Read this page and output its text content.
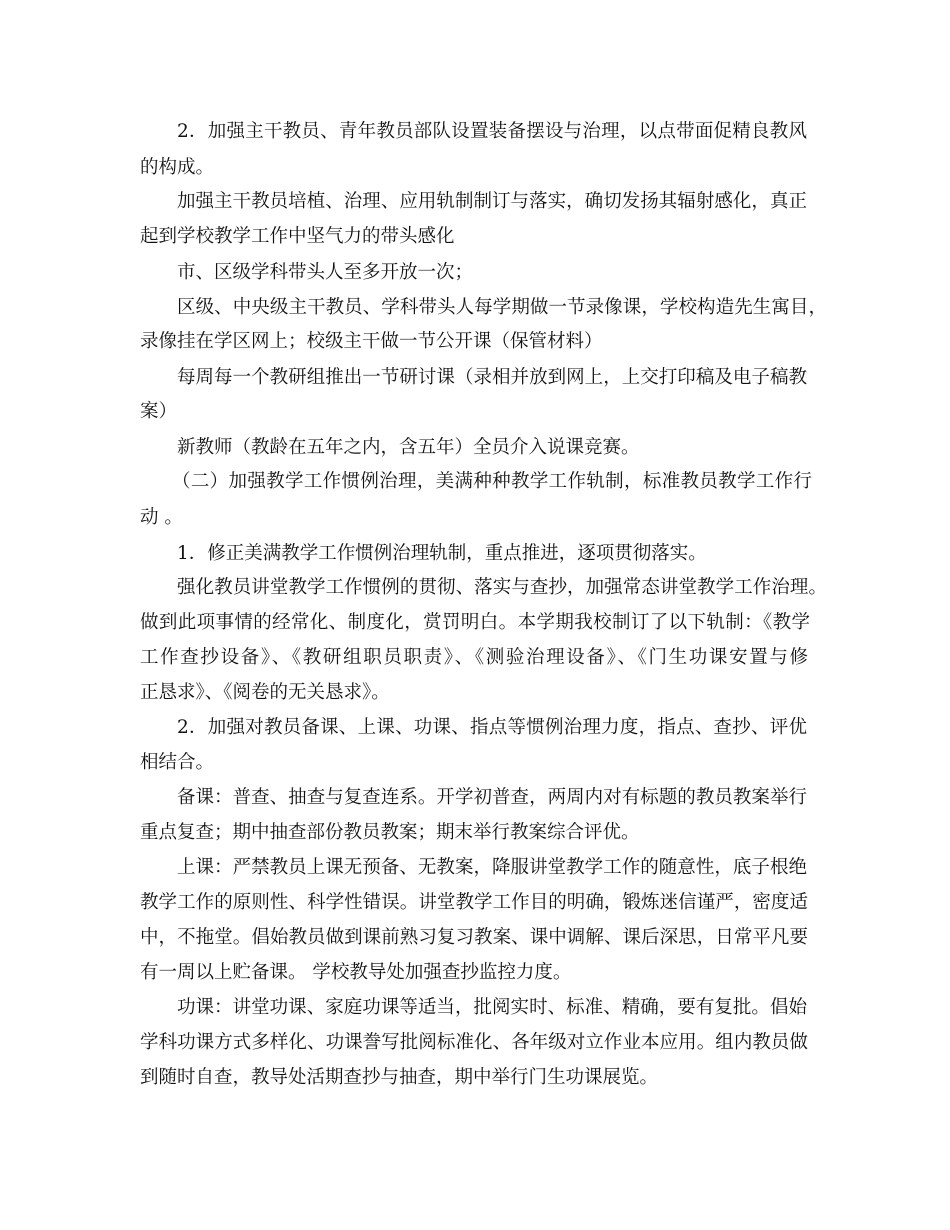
2．加强主干教员、青年教员部队设置装备摆设与治理，以点带面促精良教风
的构成。
加强主干教员培植、治理、应用轨制制订与落实，确切发扬其辐射感化，真正
起到学校教学工作中坚气力的带头感化
市、区级学科带头人至多开放一次；
区级、中央级主干教员、学科带头人每学期做一节录像课，学校构造先生寓目，
录像挂在学区网上；校级主干做一节公开课（保管材料）
每周每一个教研组推出一节研讨课（录相并放到网上，上交打印稿及电子稿教
案）
新教师（教龄在五年之内，含五年）全员介入说课竞赛。
（二）加强教学工作惯例治理，美满种种教学工作轨制，标准教员教学工作行
动 。
1．修正美满教学工作惯例治理轨制，重点推进，逐项贯彻落实。
强化教员讲堂教学工作惯例的贯彻、落实与查抄，加强常态讲堂教学工作治理。
做到此项事情的经常化、制度化，赏罚明白。本学期我校制订了以下轨制：《教学
工作查抄设备》、《教研组职员职责》、《测验治理设备》、《门生功课安置与修
正恳求》、《阅卷的无关恳求》。
2．加强对教员备课、上课、功课、指点等惯例治理力度，指点、查抄、评优
相结合。
备课：普查、抽查与复查连系。开学初普查，两周内对有标题的教员教案举行
重点复查；期中抽查部份教员教案；期末举行教案综合评优。
上课：严禁教员上课无预备、无教案，降服讲堂教学工作的随意性，底子根绝
教学工作的原则性、科学性错误。讲堂教学工作目的明确，锻炼迷信谨严，密度适
中，不拖堂。倡始教员做到课前熟习复习教案、课中调解、课后深思，日常平凡要
有一周以上贮备课。 学校教导处加强查抄监控力度。
功课：讲堂功课、家庭功课等适当，批阅实时、标准、精确，要有复批。倡始
学科功课方式多样化、功课誊写批阅标准化、各年级对立作业本应用。组内教员做
到随时自查，教导处活期查抄与抽查，期中举行门生功课展览。
